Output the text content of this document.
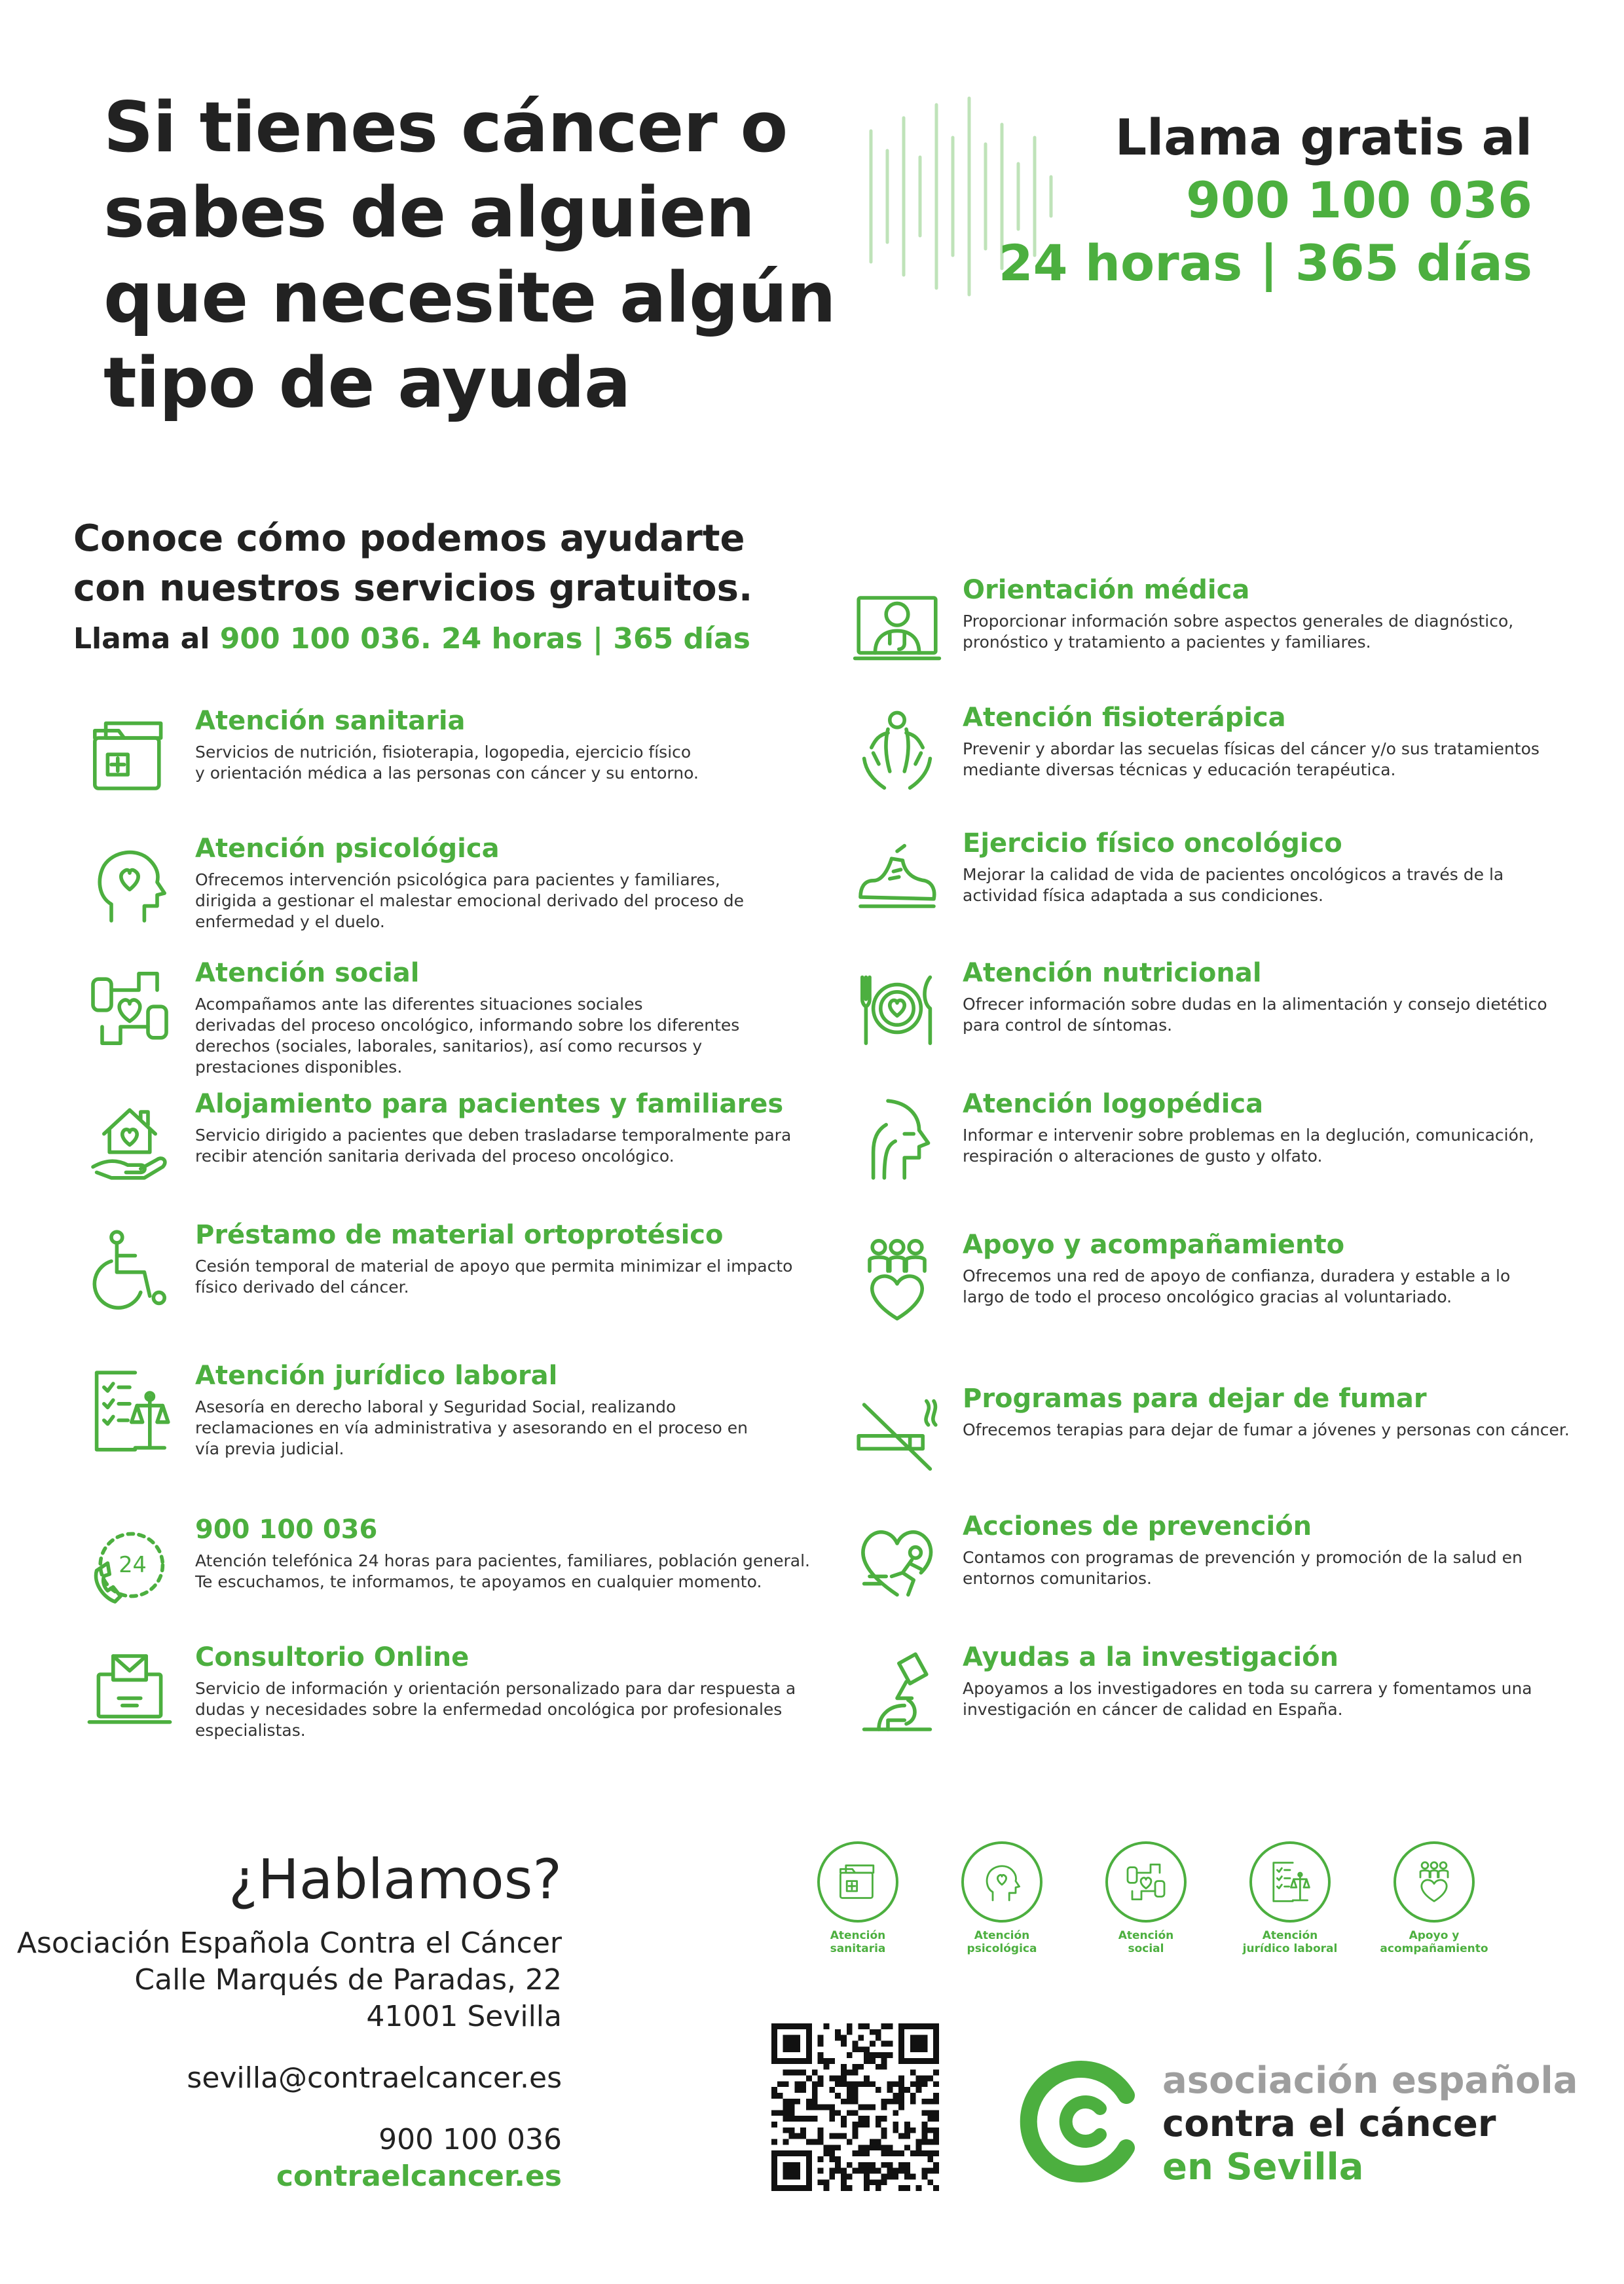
Si tienes cáncer o
sabes de alguien
que necesite algún
tipo de ayuda
Llama gratis al
900 100 036
24 horas | 365 días
Conoce cómo podemos ayudarte
con nuestros servicios gratuitos.
Llama al 900 100 036. 24 horas | 365 días
Atención sanitaria
Servicios de nutrición, fisioterapia, logopedia, ejercicio físico
y orientación médica a las personas con cáncer y su entorno.
Atención psicológica
Ofrecemos intervención psicológica para pacientes y familiares,
dirigida a gestionar el malestar emocional derivado del proceso de
enfermedad y el duelo.
Atención social
Acompañamos ante las diferentes situaciones sociales
derivadas del proceso oncológico, informando sobre los diferentes
derechos (sociales, laborales, sanitarios), así como recursos y
prestaciones disponibles.
Alojamiento para pacientes y familiares
Servicio dirigido a pacientes que deben trasladarse temporalmente para
recibir atención sanitaria derivada del proceso oncológico.
Préstamo de material ortoprotésico
Cesión temporal de material de apoyo que permita minimizar el impacto
físico derivado del cáncer.
Atención jurídico laboral
Asesoría en derecho laboral y Seguridad Social, realizando
reclamaciones en vía administrativa y asesorando en el proceso en
vía previa judicial.
24
900 100 036
Atención telefónica 24 horas para pacientes, familiares, población general.
Te escuchamos, te informamos, te apoyamos en cualquier momento.
Consultorio Online
Servicio de información y orientación personalizado para dar respuesta a
dudas y necesidades sobre la enfermedad oncológica por profesionales
especialistas.
Orientación médica
Proporcionar información sobre aspectos generales de diagnóstico,
pronóstico y tratamiento a pacientes y familiares.
Atención fisioterápica
Prevenir y abordar las secuelas físicas del cáncer y/o sus tratamientos
mediante diversas técnicas y educación terapéutica.
Ejercicio físico oncológico
Mejorar la calidad de vida de pacientes oncológicos a través de la
actividad física adaptada a sus condiciones.
Atención nutricional
Ofrecer información sobre dudas en la alimentación y consejo dietético
para control de síntomas.
Atención logopédica
Informar e intervenir sobre problemas en la deglución, comunicación,
respiración o alteraciones de gusto y olfato.
Apoyo y acompañamiento
Ofrecemos una red de apoyo de confianza, duradera y estable a lo
largo de todo el proceso oncológico gracias al voluntariado.
Programas para dejar de fumar
Ofrecemos terapias para dejar de fumar a jóvenes y personas con cáncer.
Acciones de prevención
Contamos con programas de prevención y promoción de la salud en
entornos comunitarios.
Ayudas a la investigación
Apoyamos a los investigadores en toda su carrera y fomentamos una
investigación en cáncer de calidad en España.
¿Hablamos?
Asociación Española Contra el Cáncer
Calle Marqués de Paradas, 22
41001 Sevilla
sevilla@contraelcancer.es
900 100 036
contraelcancer.es
Atención
sanitaria
Atención
psicológica
Atención
social
Atención
jurídico laboral
Apoyo y
acompañamiento
asociación española
contra el cáncer
en Sevilla
